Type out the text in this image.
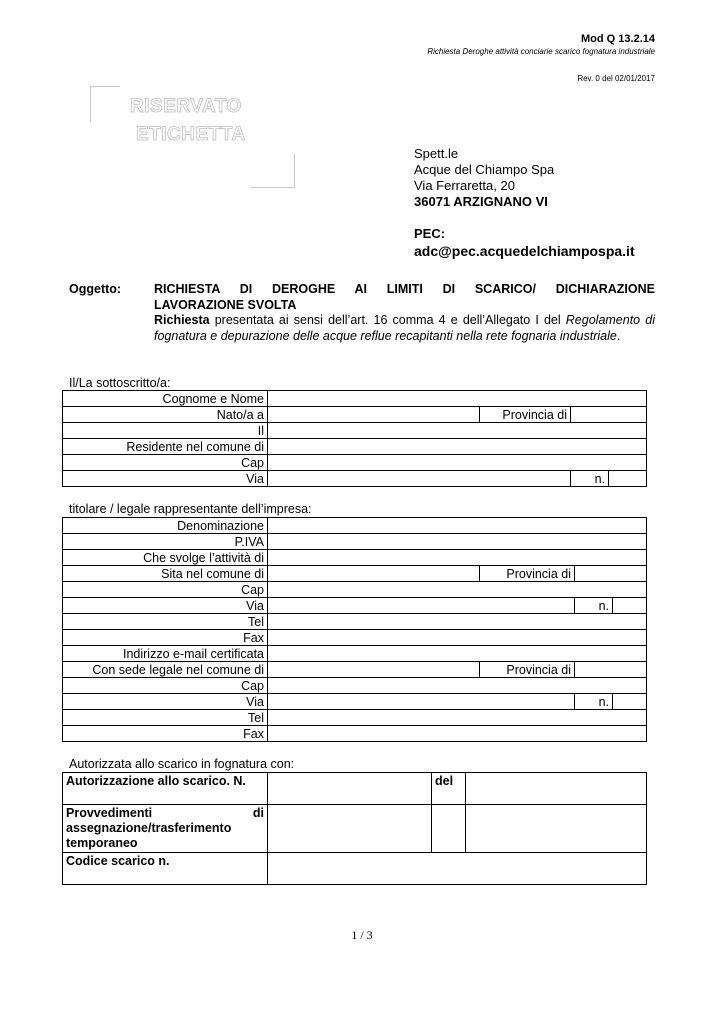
Mod Q 13.2.14
Richiesta Deroghe attività conciarie scarico fognatura industriale
Rev. 0 del 02/01/2017
RISERVATO
ETICHETTA
Spett.le
Acque del Chiampo Spa
Via Ferraretta, 20
36071 ARZIGNANO VI
PEC:
adc@pec.acquedelchiampospa.it
Oggetto:	RICHIESTA DI DEROGHE AI LIMITI DI SCARICO/ DICHIARAZIONE
LAVORAZIONE SVOLTA
Richiesta presentata ai sensi dell’art. 16 comma 4 e dell’Allegato I del Regolamento di fognatura e depurazione delle acque reflue recapitanti nella rete fognaria industriale.
Il/La sottoscritto/a:
Cognome e Nome				
Nato/a a		Provincia di		
Il				
Residente nel comune di				
Cap				
Via			n.	
titolare / legale rappresentante dell’impresa:
Denominazione				
P.IVA				
Che svolge l’attività di				
Sita nel comune di		Provincia di		
Cap				
Via			n.	
Tel				
Fax				
Indirizzo e-mail certificata				
Con sede legale nel comune di		Provincia di		
Cap				
Via			n.	
Tel				
Fax				
Autorizzata allo scarico in fognatura con:
Autorizzazione allo scarico. N.		del	
Provvedimenti di assegnazione/trasferimento temporaneo			
Codice scarico n.			
1 / 3
